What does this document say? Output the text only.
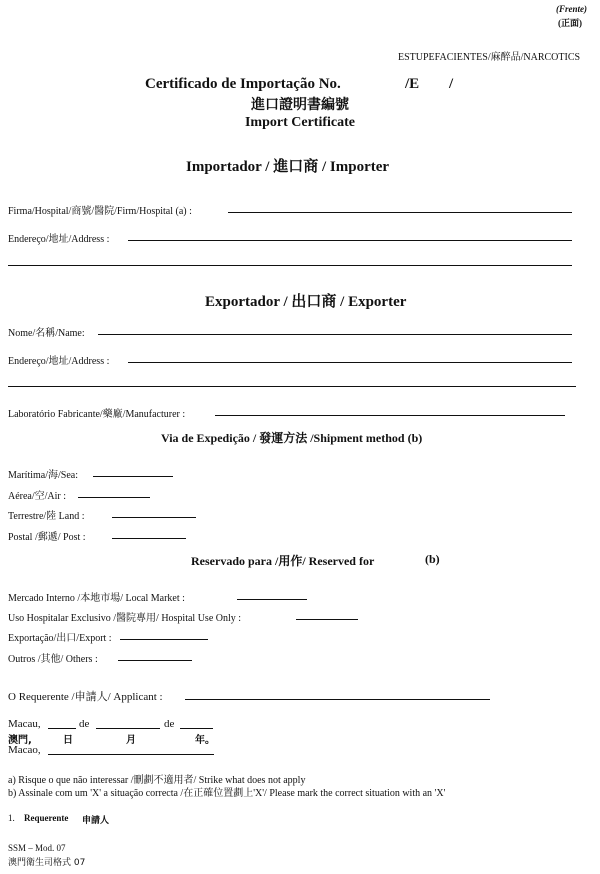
(Frente)
(正面)
ESTUPEFACIENTES/麻醉品/NARCOTICS
Certificado de Importação No.	/E /
進口證明書編號
Import Certificate
Importador / 進口商 / Importer
Firma/Hospital/商號/醫院/Firm/Hospital (a) :
Endereço/地址/Address :
Exportador / 出口商 / Exporter
Nome/名稱/Name:
Endereço/地址/Address :
Laboratório Fabricante/藥廠/Manufacturer :
Via de Expedição / 發運方法 /Shipment method (b)
Marítima/海/Sea:
Aérea/空/Air :
Terrestre/陸 Land :
Postal /郵遞/ Post :
Reservado para /用作/ Reserved for	(b)
Mercado Interno /本地市場/ Local Market :
Uso Hospitalar Exclusivo /醫院專用/ Hospital Use Only :
Exportação/出口/Export :
Outros /其他/ Others :
O Requerente /申請人/ Applicant :
Macau,	de	de
澳門,	日	月	年。
Macao,
a) Risque o que não interessar /刪劃不適用者/ Strike what does not apply
b) Assinale com um 'X' a situação correcta /在正確位置劃上'X'/ Please mark the correct situation with an 'X'
1. Requerente 申請人
SSM – Mod. 07
澳門衛生司格式 07
